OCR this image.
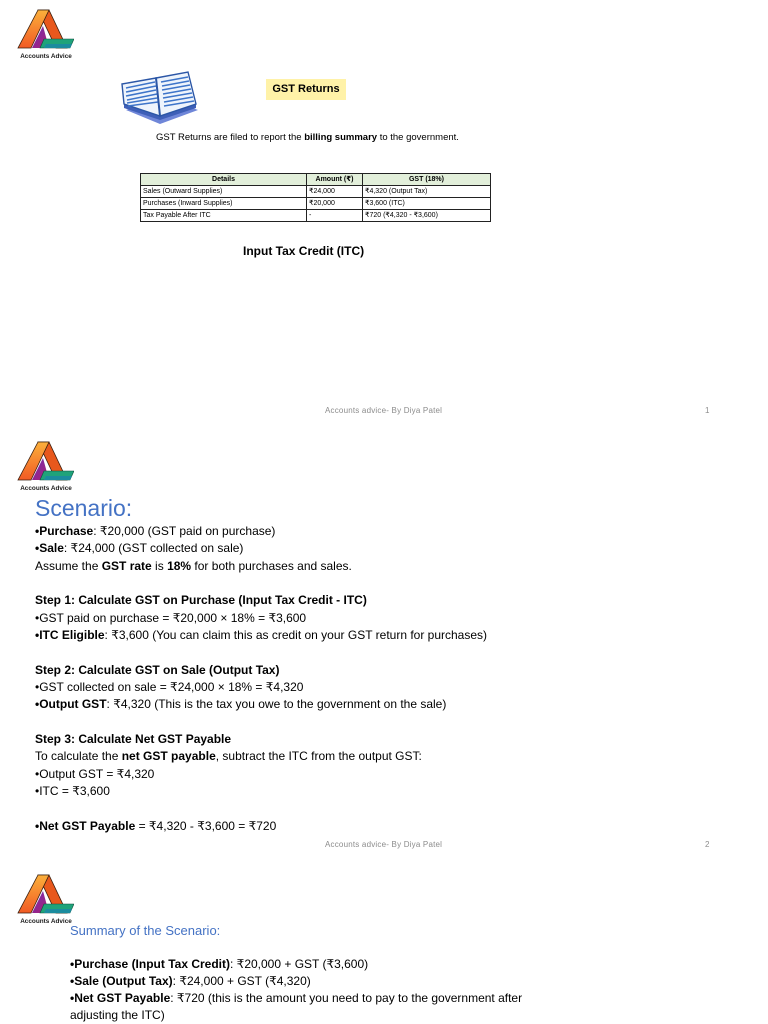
Accounts Advice
GST Returns
GST Returns are filed to report the billing summary to the government.
Details	Amount (₹)	GST (18%)
Sales (Outward Supplies)	₹24,000	₹4,320 (Output Tax)
Purchases (Inward Supplies)	₹20,000	₹3,600 (ITC)
Tax Payable After ITC	-	₹720 (₹4,320 - ₹3,600)
Input Tax Credit (ITC)
Accounts advice- By Diya Patel	1
Accounts Advice
Scenario:
•Purchase: ₹20,000 (GST paid on purchase)
•Sale: ₹24,000 (GST collected on sale)
Assume the GST rate is 18% for both purchases and sales.
Step 1: Calculate GST on Purchase (Input Tax Credit - ITC)
•GST paid on purchase = ₹20,000 × 18% = ₹3,600
•ITC Eligible: ₹3,600 (You can claim this as credit on your GST return for purchases)
Step 2: Calculate GST on Sale (Output Tax)
•GST collected on sale = ₹24,000 × 18% = ₹4,320
•Output GST: ₹4,320 (This is the tax you owe to the government on the sale)
Step 3: Calculate Net GST Payable
To calculate the net GST payable, subtract the ITC from the output GST:
•Output GST = ₹4,320
•ITC = ₹3,600
•Net GST Payable = ₹4,320 - ₹3,600 = ₹720
Accounts advice- By Diya Patel	2
Accounts Advice
Summary of the Scenario:
•Purchase (Input Tax Credit): ₹20,000 + GST (₹3,600)
•Sale (Output Tax): ₹24,000 + GST (₹4,320)
•Net GST Payable: ₹720 (this is the amount you need to pay to the government after
adjusting the ITC)
